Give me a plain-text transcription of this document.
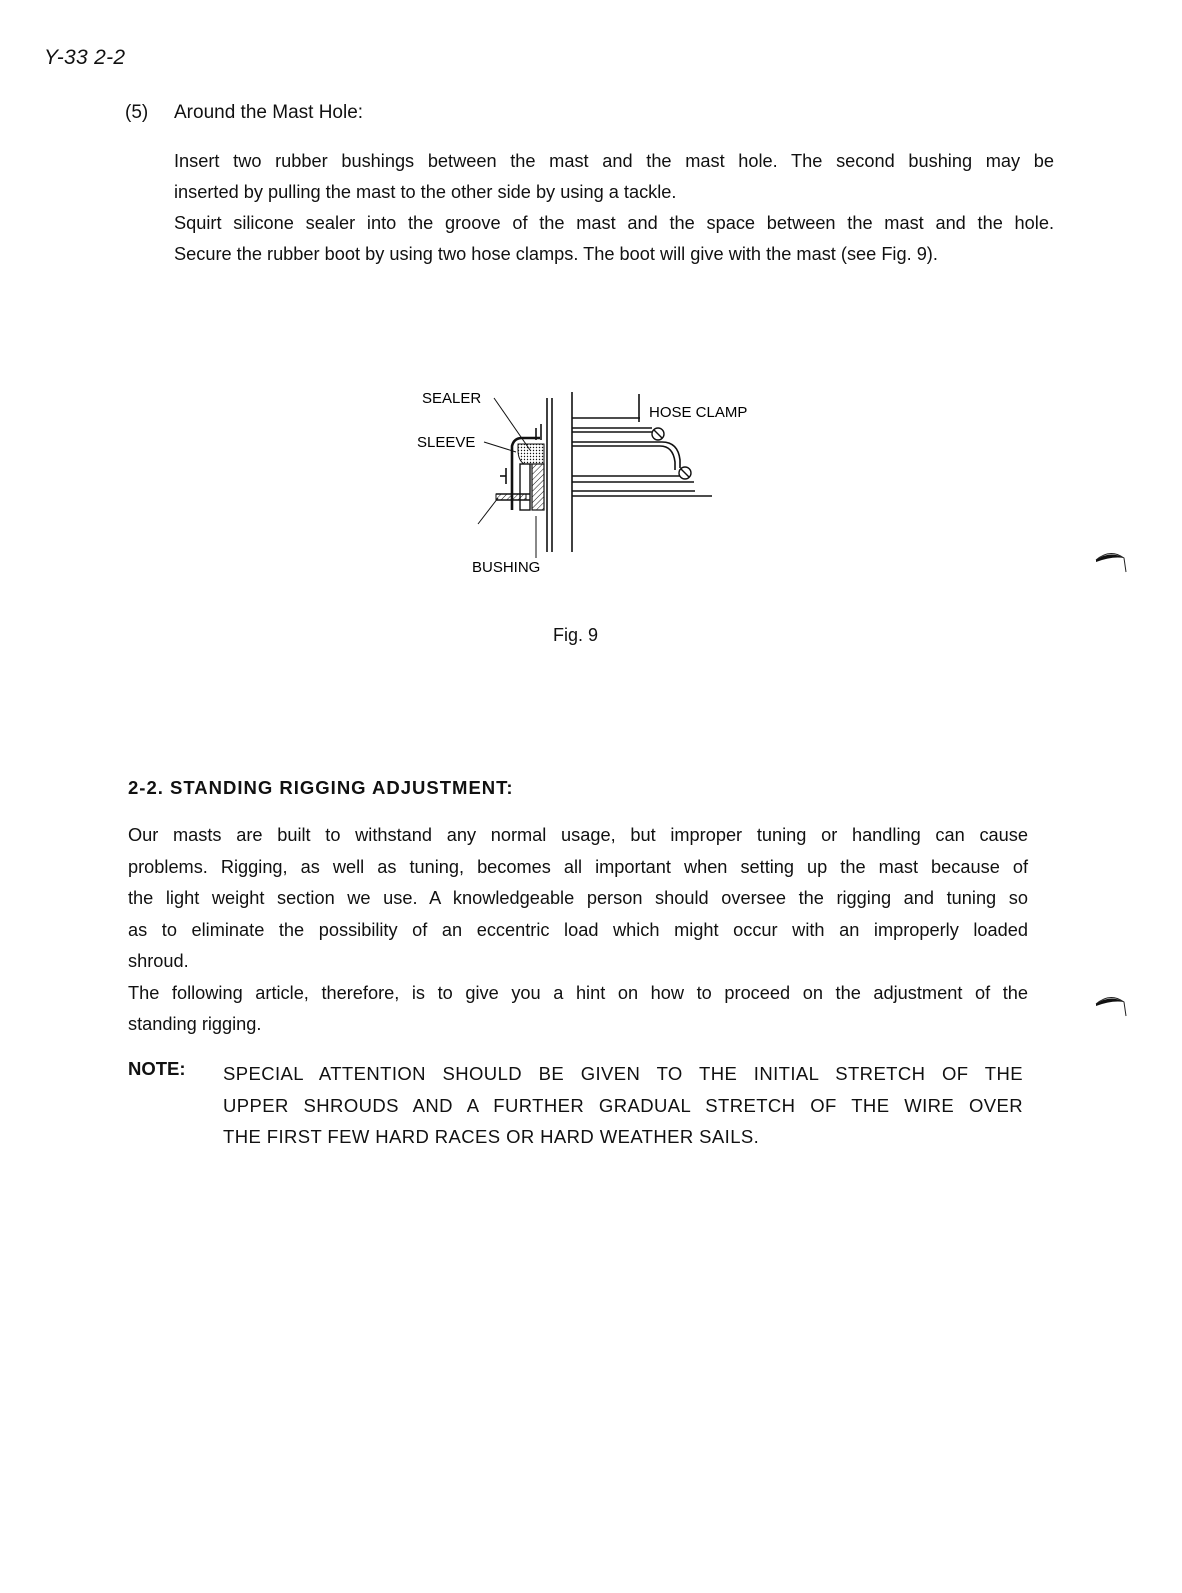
Y-33 2-2
(5) Around the Mast Hole:
Insert two rubber bushings between the mast and the mast hole. The second bushing may be
inserted by pulling the mast to the other side by using a tackle.
Squirt silicone sealer into the groove of the mast and the space between the mast and the hole.
Secure the rubber boot by using two hose clamps. The boot will give with the mast (see Fig. 9).
SEALER
SLEEVE
HOSE CLAMP
BUSHING
Fig. 9
2-2. STANDING RIGGING ADJUSTMENT:
Our masts are built to withstand any normal usage, but improper tuning or handling can cause
problems. Rigging, as well as tuning, becomes all important when setting up the mast because of
the light weight section we use. A knowledgeable person should oversee the rigging and tuning so
as to eliminate the possibility of an eccentric load which might occur with an improperly loaded
shroud.
The following article, therefore, is to give you a hint on how to proceed on the adjustment of the
standing rigging.
NOTE: SPECIAL ATTENTION SHOULD BE GIVEN TO THE INITIAL STRETCH OF THE
UPPER SHROUDS AND A FURTHER GRADUAL STRETCH OF THE WIRE OVER
THE FIRST FEW HARD RACES OR HARD WEATHER SAILS.
